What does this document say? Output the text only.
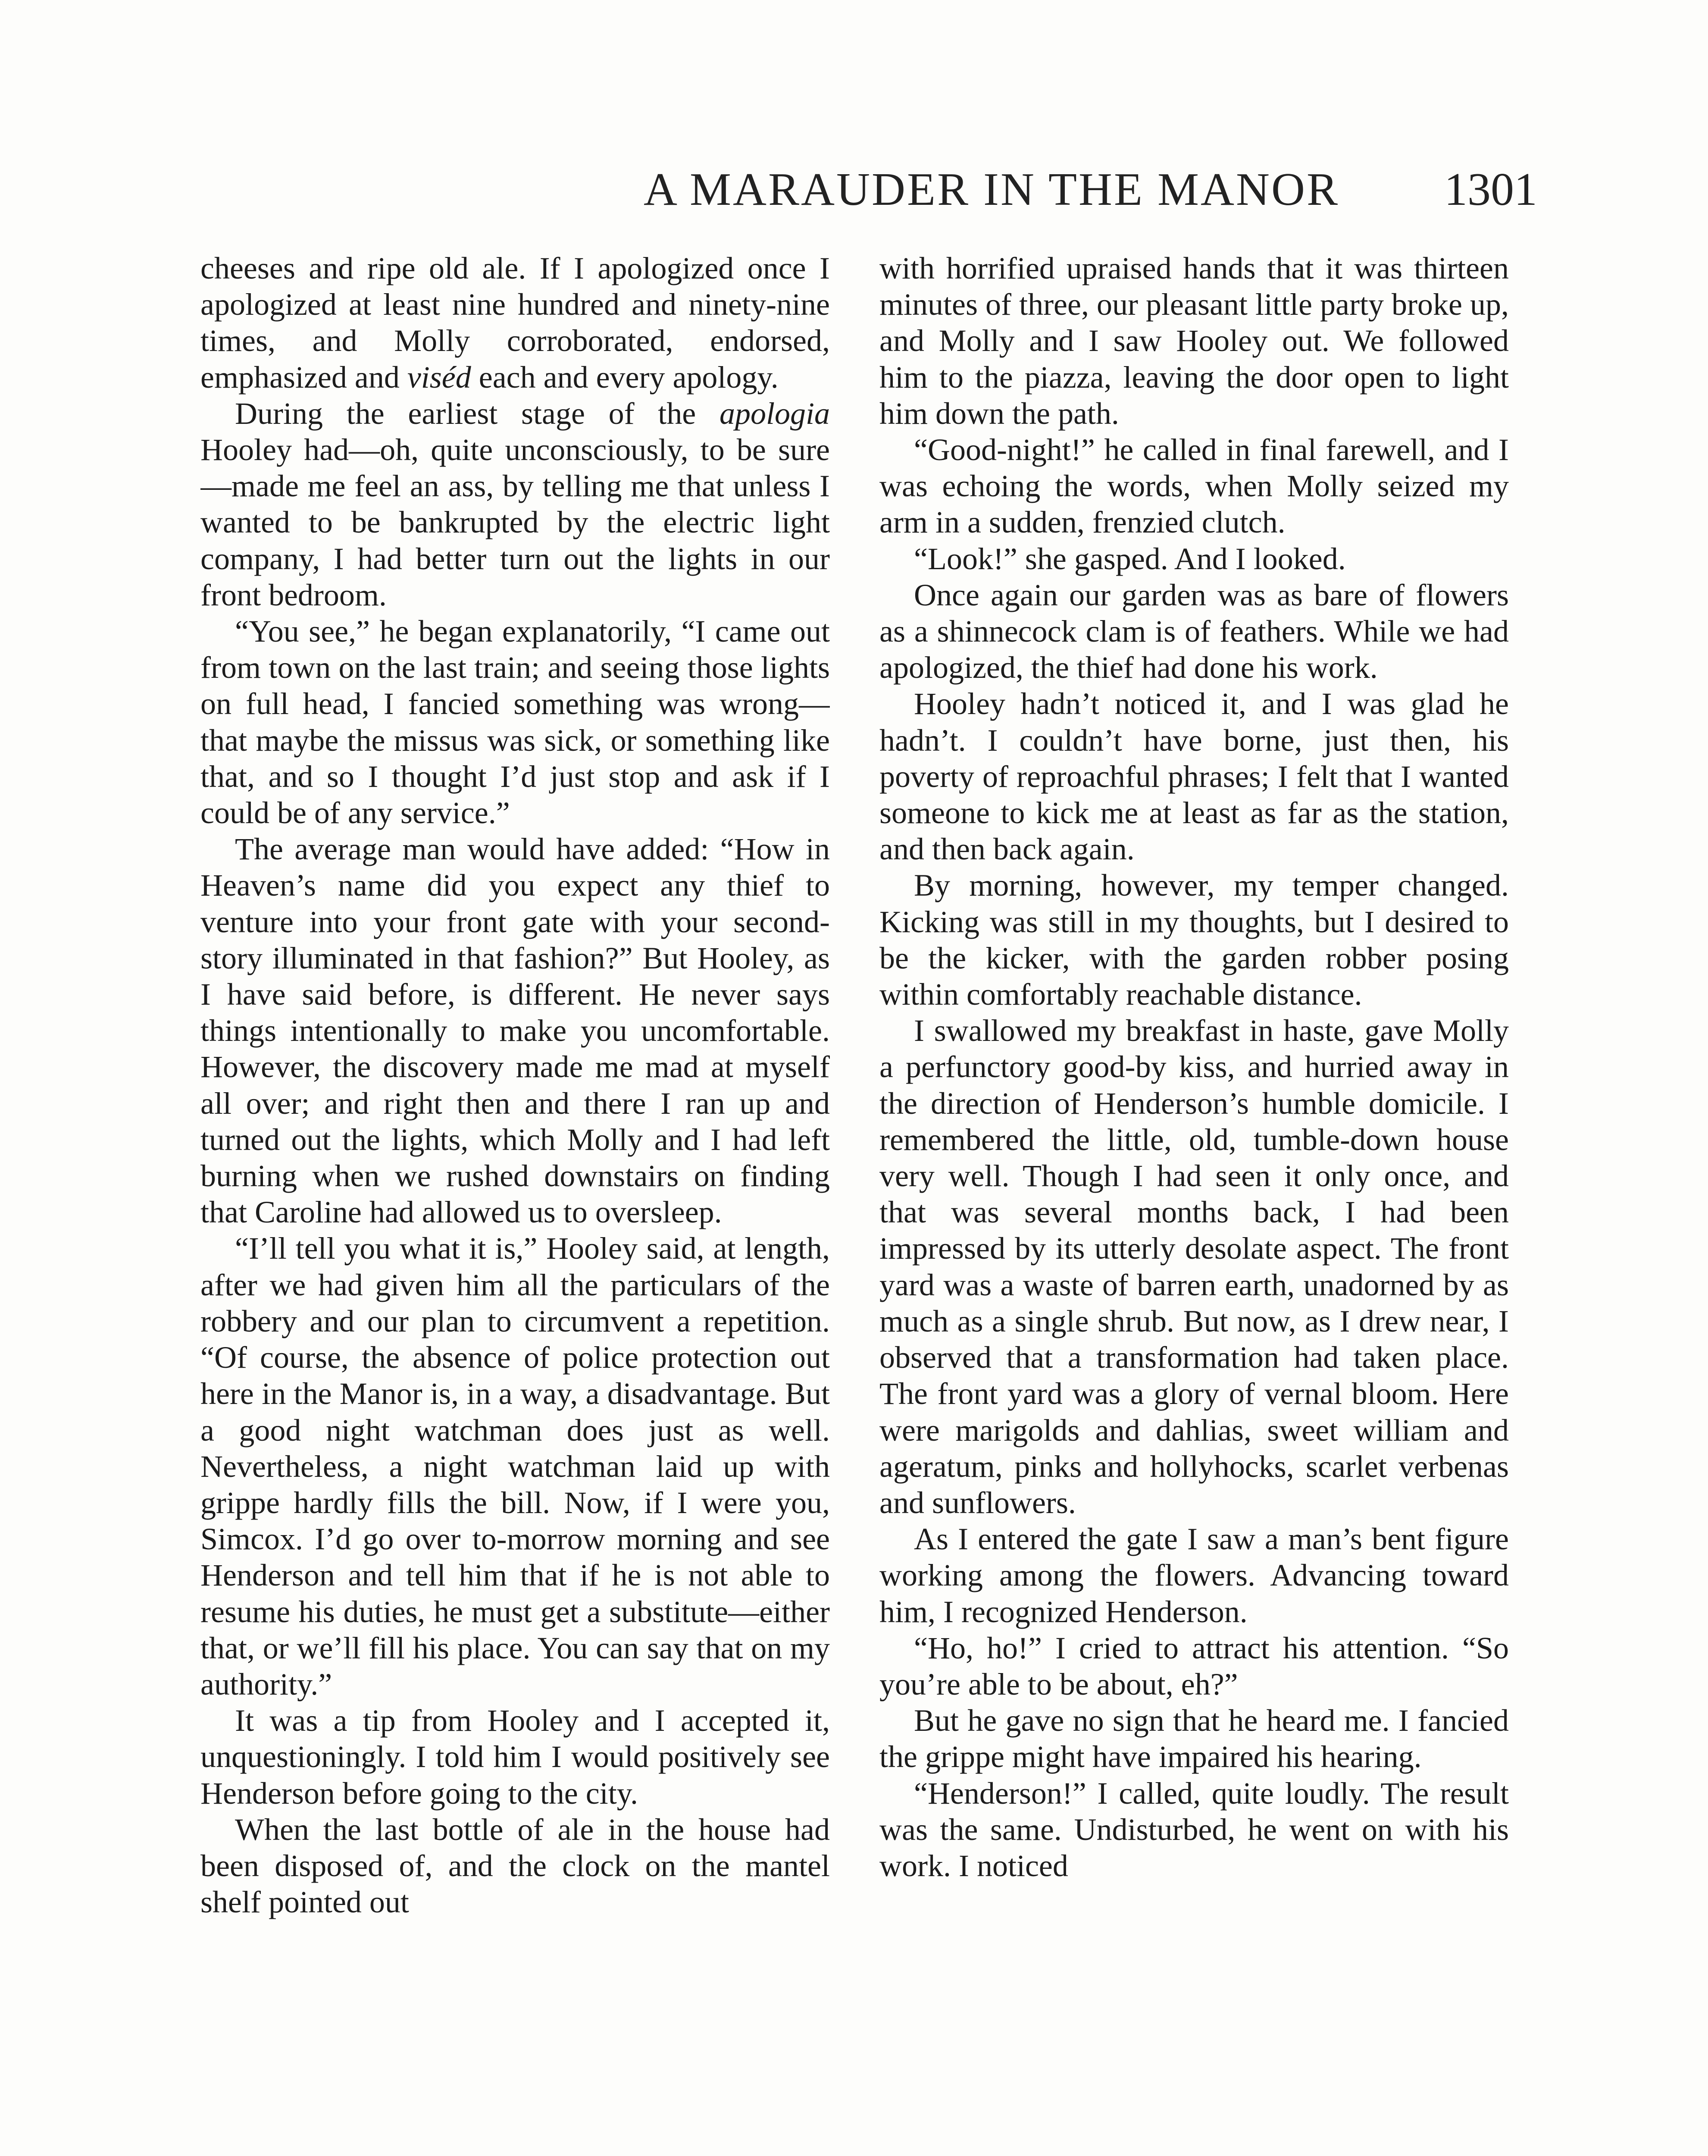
A MARAUDER IN THE MANOR	1301

cheeses and ripe old ale. If I apologized once I apologized at least nine hundred and ninety-nine times, and Molly corroborated, endorsed, emphasized and viséd each and every apology.

During the earliest stage of the apologia Hooley had—oh, quite unconsciously, to be sure—made me feel an ass, by telling me that unless I wanted to be bankrupted by the electric light company, I had better turn out the lights in our front bedroom.

“You see,” he began explanatorily, “I came out from town on the last train; and seeing those lights on full head, I fancied something was wrong—that maybe the missus was sick, or something like that, and so I thought I’d just stop and ask if I could be of any service.”

The average man would have added: “How in Heaven’s name did you expect any thief to venture into your front gate with your second-story illuminated in that fashion?” But Hooley, as I have said before, is different. He never says things intentionally to make you uncomfortable. However, the discovery made me mad at myself all over; and right then and there I ran up and turned out the lights, which Molly and I had left burning when we rushed downstairs on finding that Caroline had allowed us to oversleep.

“I’ll tell you what it is,” Hooley said, at length, after we had given him all the particulars of the robbery and our plan to circumvent a repetition. “Of course, the absence of police protection out here in the Manor is, in a way, a disadvantage. But a good night watchman does just as well. Nevertheless, a night watchman laid up with grippe hardly fills the bill. Now, if I were you, Simcox. I’d go over to-morrow morning and see Henderson and tell him that if he is not able to resume his duties, he must get a substitute—either that, or we’ll fill his place. You can say that on my authority.”

It was a tip from Hooley and I accepted it, unquestioningly. I told him I would positively see Henderson before going to the city.

When the last bottle of ale in the house had been disposed of, and the clock on the mantel shelf pointed out

with horrified upraised hands that it was thirteen minutes of three, our pleasant little party broke up, and Molly and I saw Hooley out. We followed him to the piazza, leaving the door open to light him down the path.

“Good-night!” he called in final farewell, and I was echoing the words, when Molly seized my arm in a sudden, frenzied clutch.

“Look!” she gasped. And I looked.

Once again our garden was as bare of flowers as a shinnecock clam is of feathers. While we had apologized, the thief had done his work.

Hooley hadn’t noticed it, and I was glad he hadn’t. I couldn’t have borne, just then, his poverty of reproachful phrases; I felt that I wanted someone to kick me at least as far as the station, and then back again.

By morning, however, my temper changed. Kicking was still in my thoughts, but I desired to be the kicker, with the garden robber posing within comfortably reachable distance.

I swallowed my breakfast in haste, gave Molly a perfunctory good-by kiss, and hurried away in the direction of Henderson’s humble domicile. I remembered the little, old, tumble-down house very well. Though I had seen it only once, and that was several months back, I had been impressed by its utterly desolate aspect. The front yard was a waste of barren earth, unadorned by as much as a single shrub. But now, as I drew near, I observed that a transformation had taken place. The front yard was a glory of vernal bloom. Here were marigolds and dahlias, sweet william and ageratum, pinks and hollyhocks, scarlet verbenas and sunflowers.

As I entered the gate I saw a man’s bent figure working among the flowers. Advancing toward him, I recognized Henderson.

“Ho, ho!” I cried to attract his attention. “So you’re able to be about, eh?”

But he gave no sign that he heard me. I fancied the grippe might have impaired his hearing.

“Henderson!” I called, quite loudly. The result was the same. Undisturbed, he went on with his work. I noticed
